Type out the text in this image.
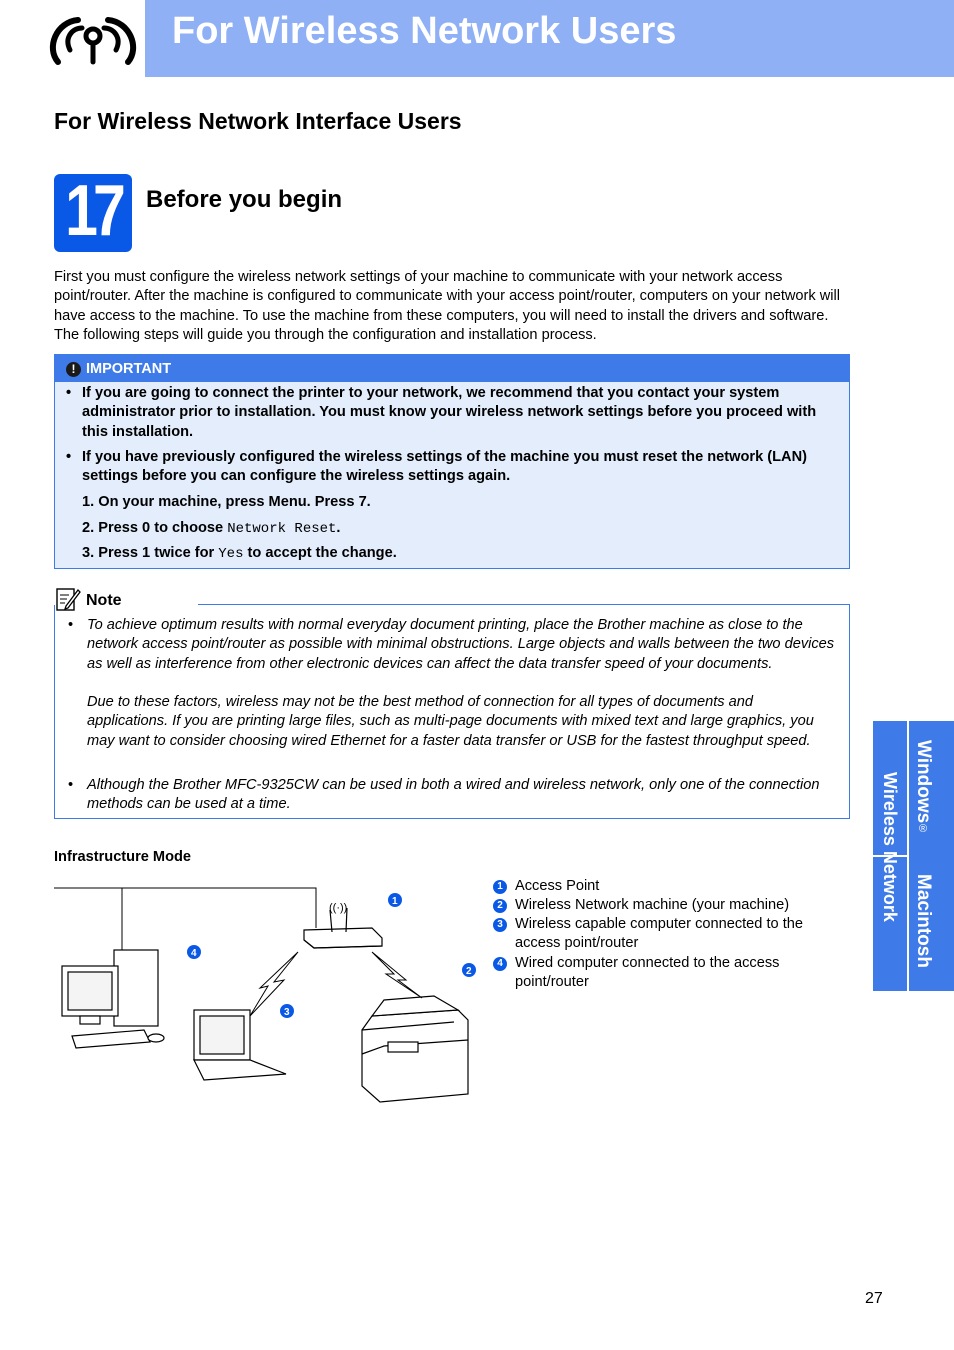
For Wireless Network Users
For Wireless Network Interface Users
17 Before you begin
First you must configure the wireless network settings of your machine to communicate with your network access point/router. After the machine is configured to communicate with your access point/router, computers on your network will have access to the machine. To use the machine from these computers, you will need to install the drivers and software. The following steps will guide you through the configuration and installation process.
! IMPORTANT
• If you are going to connect the printer to your network, we recommend that you contact your system administrator prior to installation. You must know your wireless network settings before you proceed with this installation.
• If you have previously configured the wireless settings of the machine you must reset the network (LAN) settings before you can configure the wireless settings again.
1. On your machine, press Menu. Press 7.
2. Press 0 to choose Network Reset.
3. Press 1 twice for Yes to accept the change.
Note
• To achieve optimum results with normal everyday document printing, place the Brother machine as close to the network access point/router as possible with minimal obstructions. Large objects and walls between the two devices as well as interference from other electronic devices can affect the data transfer speed of your documents.
Due to these factors, wireless may not be the best method of connection for all types of documents and applications. If you are printing large files, such as multi-page documents with mixed text and large graphics, you may want to consider choosing wired Ethernet for a faster data transfer or USB for the fastest throughput speed.
• Although the Brother MFC-9325CW can be used in both a wired and wireless network, only one of the connection methods can be used at a time.
Infrastructure Mode
((·))
1
2
3
4
1 Access Point
2 Wireless Network machine (your machine)
3 Wireless capable computer connected to the access point/router
4 Wired computer connected to the access point/router
Windows®
Macintosh
Wireless Network
27
